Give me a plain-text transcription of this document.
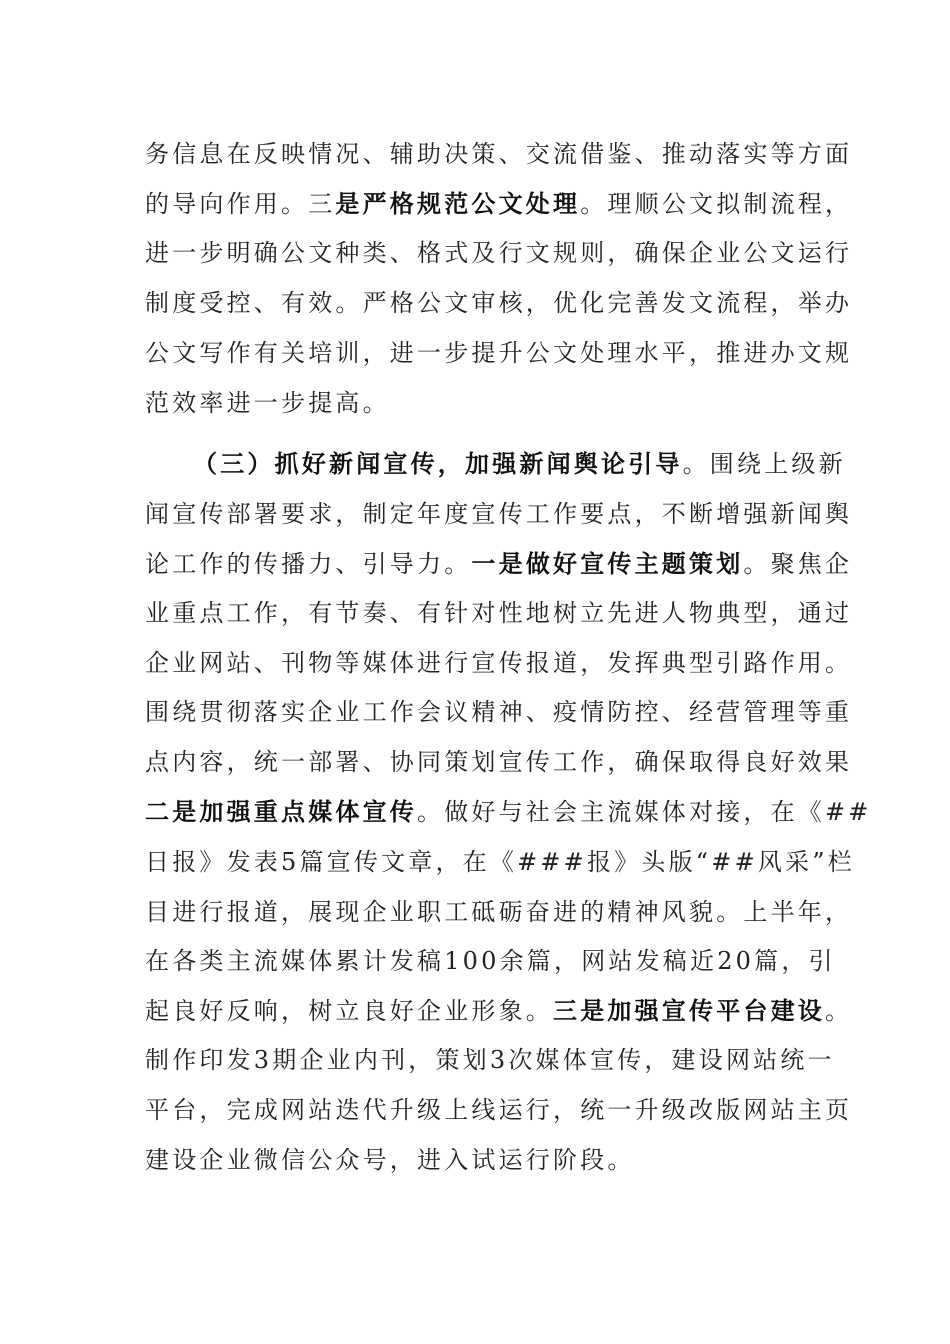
务信息在反映情况、辅助决策、交流借鉴、推动落实等方面
的导向作用。三是严格规范公文处理。理顺公文拟制流程，
进一步明确公文种类、格式及行文规则，确保企业公文运行
制度受控、有效。严格公文审核，优化完善发文流程，举办
公文写作有关培训，进一步提升公文处理水平，推进办文规
范效率进一步提高。
（三）抓好新闻宣传，加强新闻舆论引导。围绕上级新
闻宣传部署要求，制定年度宣传工作要点，不断增强新闻舆
论工作的传播力、引导力。一是做好宣传主题策划。聚焦企
业重点工作，有节奏、有针对性地树立先进人物典型，通过
企业网站、刊物等媒体进行宣传报道，发挥典型引路作用。
围绕贯彻落实企业工作会议精神、疫情防控、经营管理等重
点内容，统一部署、协同策划宣传工作，确保取得良好效果
二是加强重点媒体宣传。做好与社会主流媒体对接，在《##
日报》发表5篇宣传文章，在《###报》头版“##风采”栏
目进行报道，展现企业职工砥砺奋进的精神风貌。上半年，
在各类主流媒体累计发稿100余篇，网站发稿近20篇，引
起良好反响，树立良好企业形象。三是加强宣传平台建设。
制作印发3期企业内刊，策划3次媒体宣传，建设网站统一
平台，完成网站迭代升级上线运行，统一升级改版网站主页
建设企业微信公众号，进入试运行阶段。
